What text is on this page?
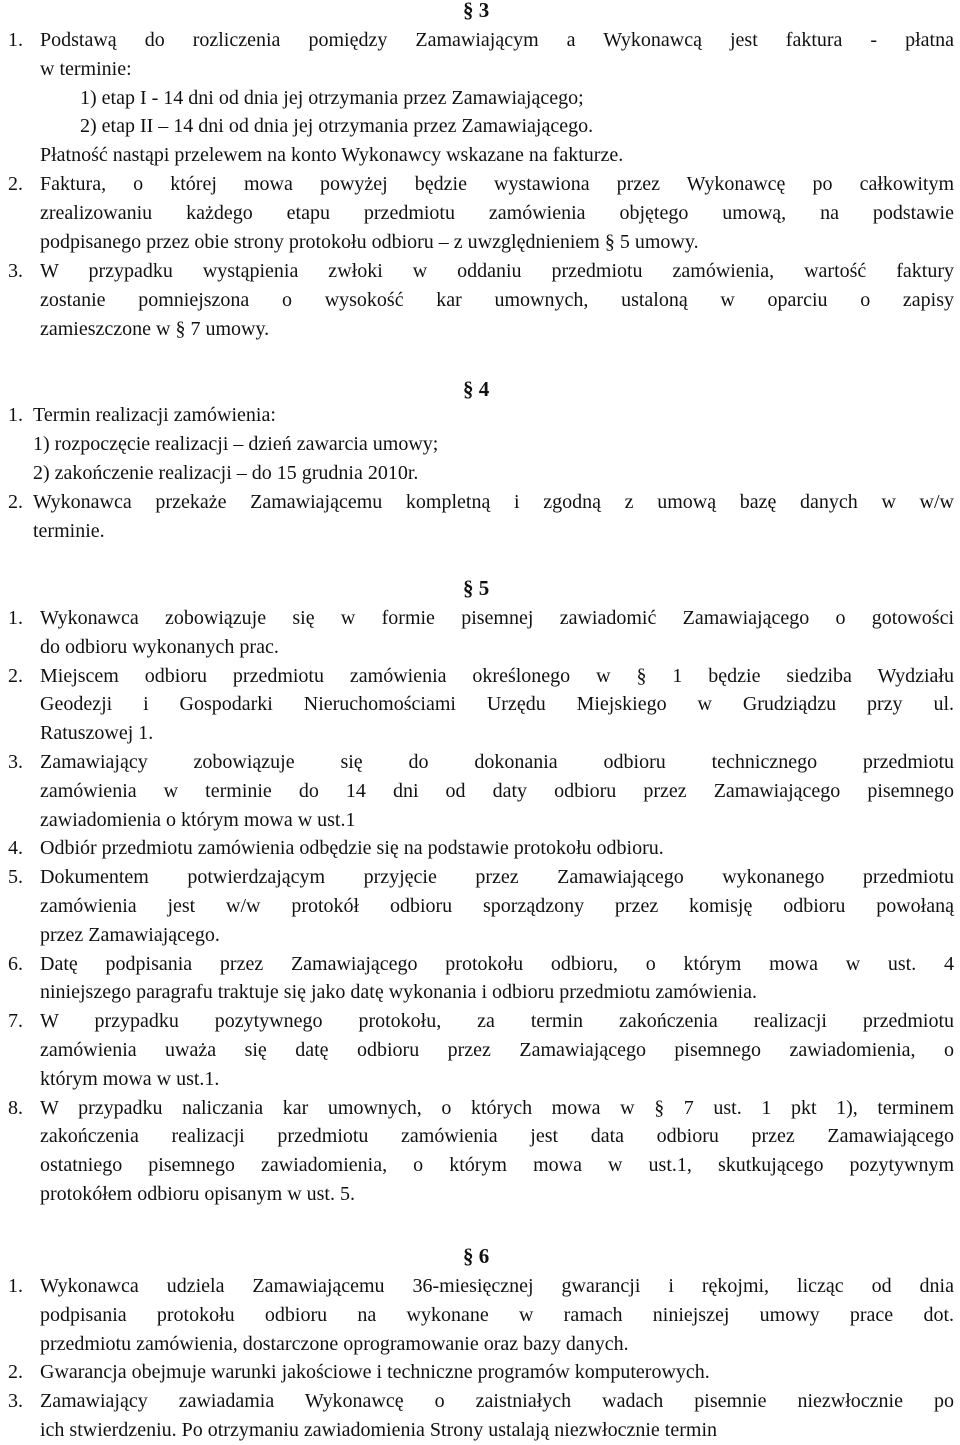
§ 3
1. Podstawą do rozliczenia pomiędzy Zamawiającym a Wykonawcą jest faktura - płatna
w terminie:
1) etap I - 14 dni od dnia jej otrzymania przez Zamawiającego;
2) etap II – 14 dni od dnia jej otrzymania przez Zamawiającego.
Płatność nastąpi przelewem na konto Wykonawcy wskazane na fakturze.
2. Faktura, o której mowa powyżej będzie wystawiona przez Wykonawcę po całkowitym
zrealizowaniu każdego etapu przedmiotu zamówienia objętego umową, na podstawie
podpisanego przez obie strony protokołu odbioru – z uwzględnieniem § 5 umowy.
3. W przypadku wystąpienia zwłoki w oddaniu przedmiotu zamówienia, wartość faktury
zostanie pomniejszona o wysokość kar umownych, ustaloną w oparciu o zapisy
zamieszczone w § 7 umowy.
§ 4
1. Termin realizacji zamówienia:
1) rozpoczęcie realizacji – dzień zawarcia umowy;
2) zakończenie realizacji – do 15 grudnia 2010r.
2. Wykonawca przekaże Zamawiającemu kompletną i zgodną z umową bazę danych w w/w
terminie.
§ 5
1. Wykonawca zobowiązuje się w formie pisemnej zawiadomić Zamawiającego o gotowości
do odbioru wykonanych prac.
2. Miejscem odbioru przedmiotu zamówienia określonego w § 1 będzie siedziba Wydziału
Geodezji i Gospodarki Nieruchomościami Urzędu Miejskiego w Grudziądzu przy ul.
Ratuszowej 1.
3. Zamawiający zobowiązuje się do dokonania odbioru technicznego przedmiotu
zamówienia w terminie do 14 dni od daty odbioru przez Zamawiającego pisemnego
zawiadomienia o którym mowa w ust.1
4. Odbiór przedmiotu zamówienia odbędzie się na podstawie protokołu odbioru.
5. Dokumentem potwierdzającym przyjęcie przez Zamawiającego wykonanego przedmiotu
zamówienia jest w/w protokół odbioru sporządzony przez komisję odbioru powołaną
przez Zamawiającego.
6. Datę podpisania przez Zamawiającego protokołu odbioru, o którym mowa w ust. 4
niniejszego paragrafu traktuje się jako datę wykonania i odbioru przedmiotu zamówienia.
7. W przypadku pozytywnego protokołu, za termin zakończenia realizacji przedmiotu
zamówienia uważa się datę odbioru przez Zamawiającego pisemnego zawiadomienia, o
którym mowa w ust.1.
8. W przypadku naliczania kar umownych, o których mowa w § 7 ust. 1 pkt 1), terminem
zakończenia realizacji przedmiotu zamówienia jest data odbioru przez Zamawiającego
ostatniego pisemnego zawiadomienia, o którym mowa w ust.1, skutkującego pozytywnym
protokółem odbioru opisanym w ust. 5.
§ 6
1. Wykonawca udziela Zamawiającemu 36-miesięcznej gwarancji i rękojmi, licząc od dnia
podpisania protokołu odbioru na wykonane w ramach niniejszej umowy prace dot.
przedmiotu zamówienia, dostarczone oprogramowanie oraz bazy danych.
2. Gwarancja obejmuje warunki jakościowe i techniczne programów komputerowych.
3. Zamawiający zawiadamia Wykonawcę o zaistniałych wadach pisemnie niezwłocznie po
ich stwierdzeniu. Po otrzymaniu zawiadomienia Strony ustalają niezwłocznie termin
